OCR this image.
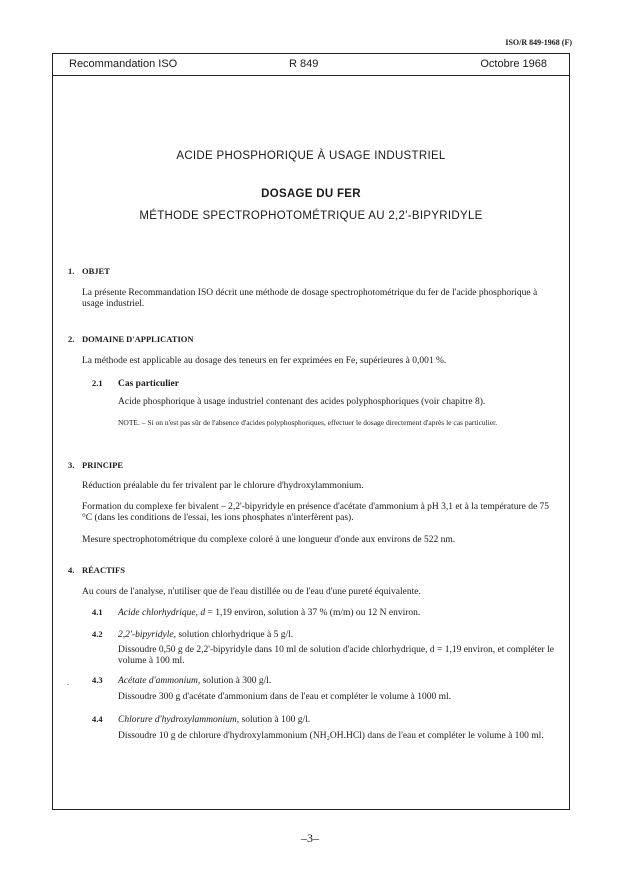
ISO/R 849-1968 (F)
Recommandation ISO	R 849	Octobre 1968
ACIDE PHOSPHORIQUE À USAGE INDUSTRIEL
DOSAGE DU FER
MÉTHODE SPECTROPHOTOMÉTRIQUE AU 2,2'-BIPYRIDYLE
1. OBJET
La présente Recommandation ISO décrit une méthode de dosage spectrophotométrique du fer de l'acide phosphorique à usage industriel.
2. DOMAINE D'APPLICATION
La méthode est applicable au dosage des teneurs en fer exprimées en Fe, supérieures à 0,001 %.
2.1 Cas particulier
Acide phosphorique à usage industriel contenant des acides polyphosphoriques (voir chapitre 8).
NOTE. – Si on n'est pas sûr de l'absence d'acides polyphosphoriques, effectuer le dosage directement d'après le cas particulier.
3. PRINCIPE
Réduction préalable du fer trivalent par le chlorure d'hydroxylammonium.
Formation du complexe fer bivalent – 2,2'-bipyridyle en présence d'acétate d'ammonium à pH 3,1 et à la température de 75 °C (dans les conditions de l'essai, les ions phosphates n'interfèrent pas).
Mesure spectrophotométrique du complexe coloré à une longueur d'onde aux environs de 522 nm.
4. RÉACTIFS
Au cours de l'analyse, n'utiliser que de l'eau distillée ou de l'eau d'une pureté équivalente.
4.1 Acide chlorhydrique, d = 1,19 environ, solution à 37 % (m/m) ou 12 N environ.
4.2 2,2'-bipyridyle, solution chlorhydrique à 5 g/l.
Dissoudre 0,50 g de 2,2'-bipyridyle dans 10 ml de solution d'acide chlorhydrique, d = 1,19 environ, et compléter le volume à 100 ml.
.	4.3 Acétate d'ammonium, solution à 300 g/l.
Dissoudre 300 g d'acétate d'ammonium dans de l'eau et compléter le volume à 1000 ml.
4.4 Chlorure d'hydroxylammonium, solution à 100 g/l.
Dissoudre 10 g de chlorure d'hydroxylammonium (NH₂OH.HCl) dans de l'eau et compléter le volume à 100 ml.
–3–
